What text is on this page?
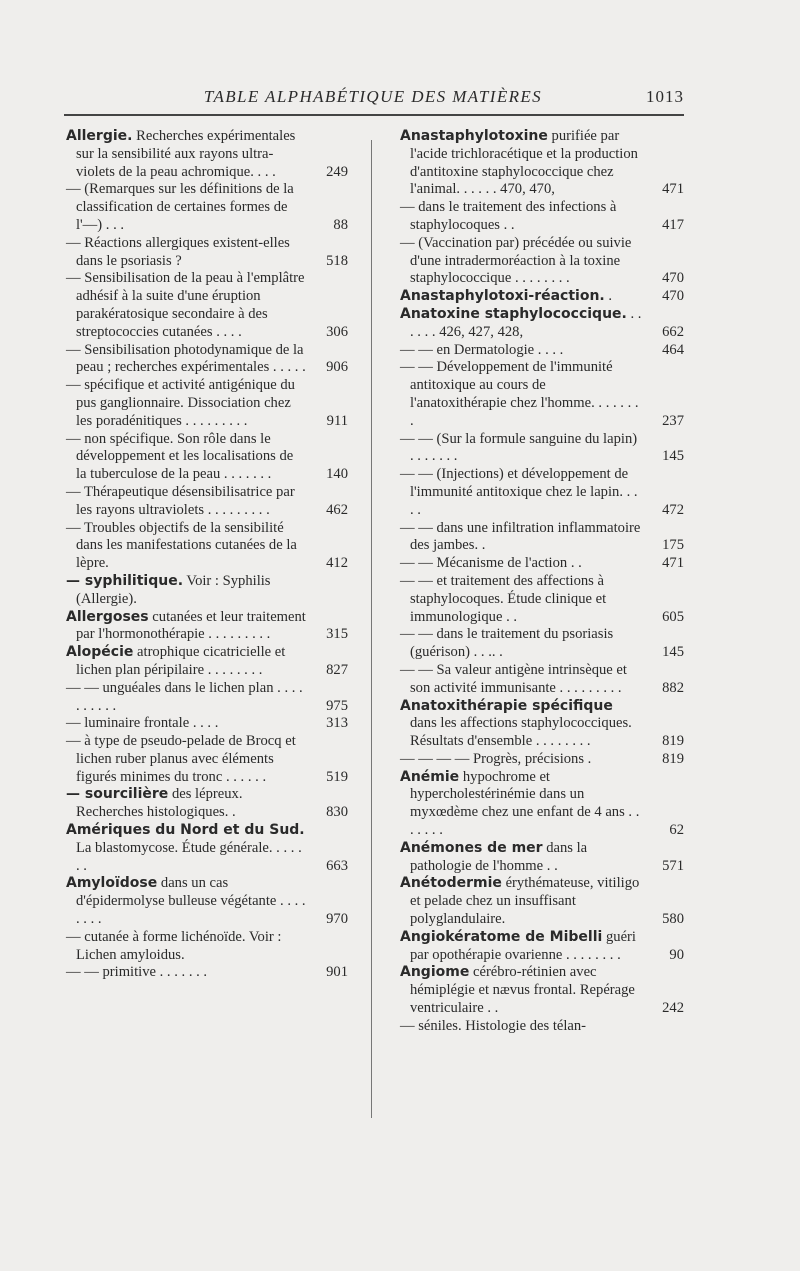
TABLE ALPHABÉTIQUE DES MATIÈRES	1013
Allergie. Recherches expérimentales sur la sensibilité aux rayons ultra-violets de la peau achromique. . . .	249
— (Remarques sur les définitions de la classification de certaines formes de l'—) . . .	88
— Réactions allergiques existent-elles dans le psoriasis ?	518
— Sensibilisation de la peau à l'emplâtre adhésif à la suite d'une éruption parakératosique secondaire à des streptococcies cutanées . . . .	306
— Sensibilisation photodynamique de la peau ; recherches expérimentales . . . . . 906
— spécifique et activité antigénique du pus ganglionnaire. Dissociation chez les poradénitiques . . . . . . . . .	911
— non spécifique. Son rôle dans le développement et les localisations de la tuberculose de la peau . . . . . . .	140
— Thérapeutique désensibilisatrice par les rayons ultraviolets . . . . . . . . .	462
— Troubles objectifs de la sensibilité dans les manifestations cutanées de la lèpre.	412
— syphilitique. Voir : Syphilis (Allergie).
Allergoses cutanées et leur traitement par l'hormonothérapie . . . . . . . . .	315
Alopécie atrophique cicatricielle et lichen plan péripilaire . . . . . . . .	827
— — unguéales dans le lichen plan . . . . . . . . . .	975
— luminaire frontale . . . .	313
— à type de pseudo-pelade de Brocq et lichen ruber planus avec éléments figurés minimes du tronc . . . . . .	519
— sourcilière des lépreux. Recherches histologiques. .	830
Amériques du Nord et du Sud. La blastomycose. Étude générale. . . . . . .	663
Amyloïdose dans un cas d'épidermolyse bulleuse végétante . . . . . . . .	970
— cutanée à forme lichénoïde. Voir : Lichen amyloidus.
— — primitive . . . . . . .	901
Anastaphylotoxine purifiée par l'acide trichloracétique et la production d'antitoxine staphylococcique chez l'animal. . . . . . 470, 470,	471
— dans le traitement des infections à staphylocoques . .	417
— (Vaccination par) précédée ou suivie d'une intradermoréaction à la toxine staphylococcique . . . . . . . .	470
Anastaphylotoxi-réaction. .	470
Anatoxine staphylococcique. . . . . . . 426, 427, 428,	662
— — en Dermatologie . . . .	464
— — Développement de l'immunité antitoxique au cours de l'anatoxithérapie chez l'homme. . . . . . . .	237
— — (Sur la formule sanguine du lapin) . . . . . . .	145
— — (Injections) et développement de l'immunité antitoxique chez le lapin. . . . .	472
— — dans une infiltration inflammatoire des jambes. .	175
— — Mécanisme de l'action . .	471
— — et traitement des affections à staphylocoques. Étude clinique et immunologique . .	605
— — dans le traitement du psoriasis (guérison) . . .. .	145
— — Sa valeur antigène intrinsèque et son activité immunisante . . . . . . . . .	882
Anatoxithérapie spécifique dans les affections staphylococciques. Résultats d'ensemble . . . . . . . .	819
— — — — Progrès, précisions .	819
Anémie hypochrome et hypercholestérinémie dans un myxœdème chez une enfant de 4 ans . . . . . . .	62
Anémones de mer dans la pathologie de l'homme . .	571
Anétodermie érythémateuse, vitiligo et pelade chez un insuffisant polyglandulaire.	580
Angiokératome de Mibelli guéri par opothérapie ovarienne . . . . . . . .	90
Angiome cérébro-rétinien avec hémiplégie et nævus frontal. Repérage ventriculaire . .	242
— séniles. Histologie des télan-
